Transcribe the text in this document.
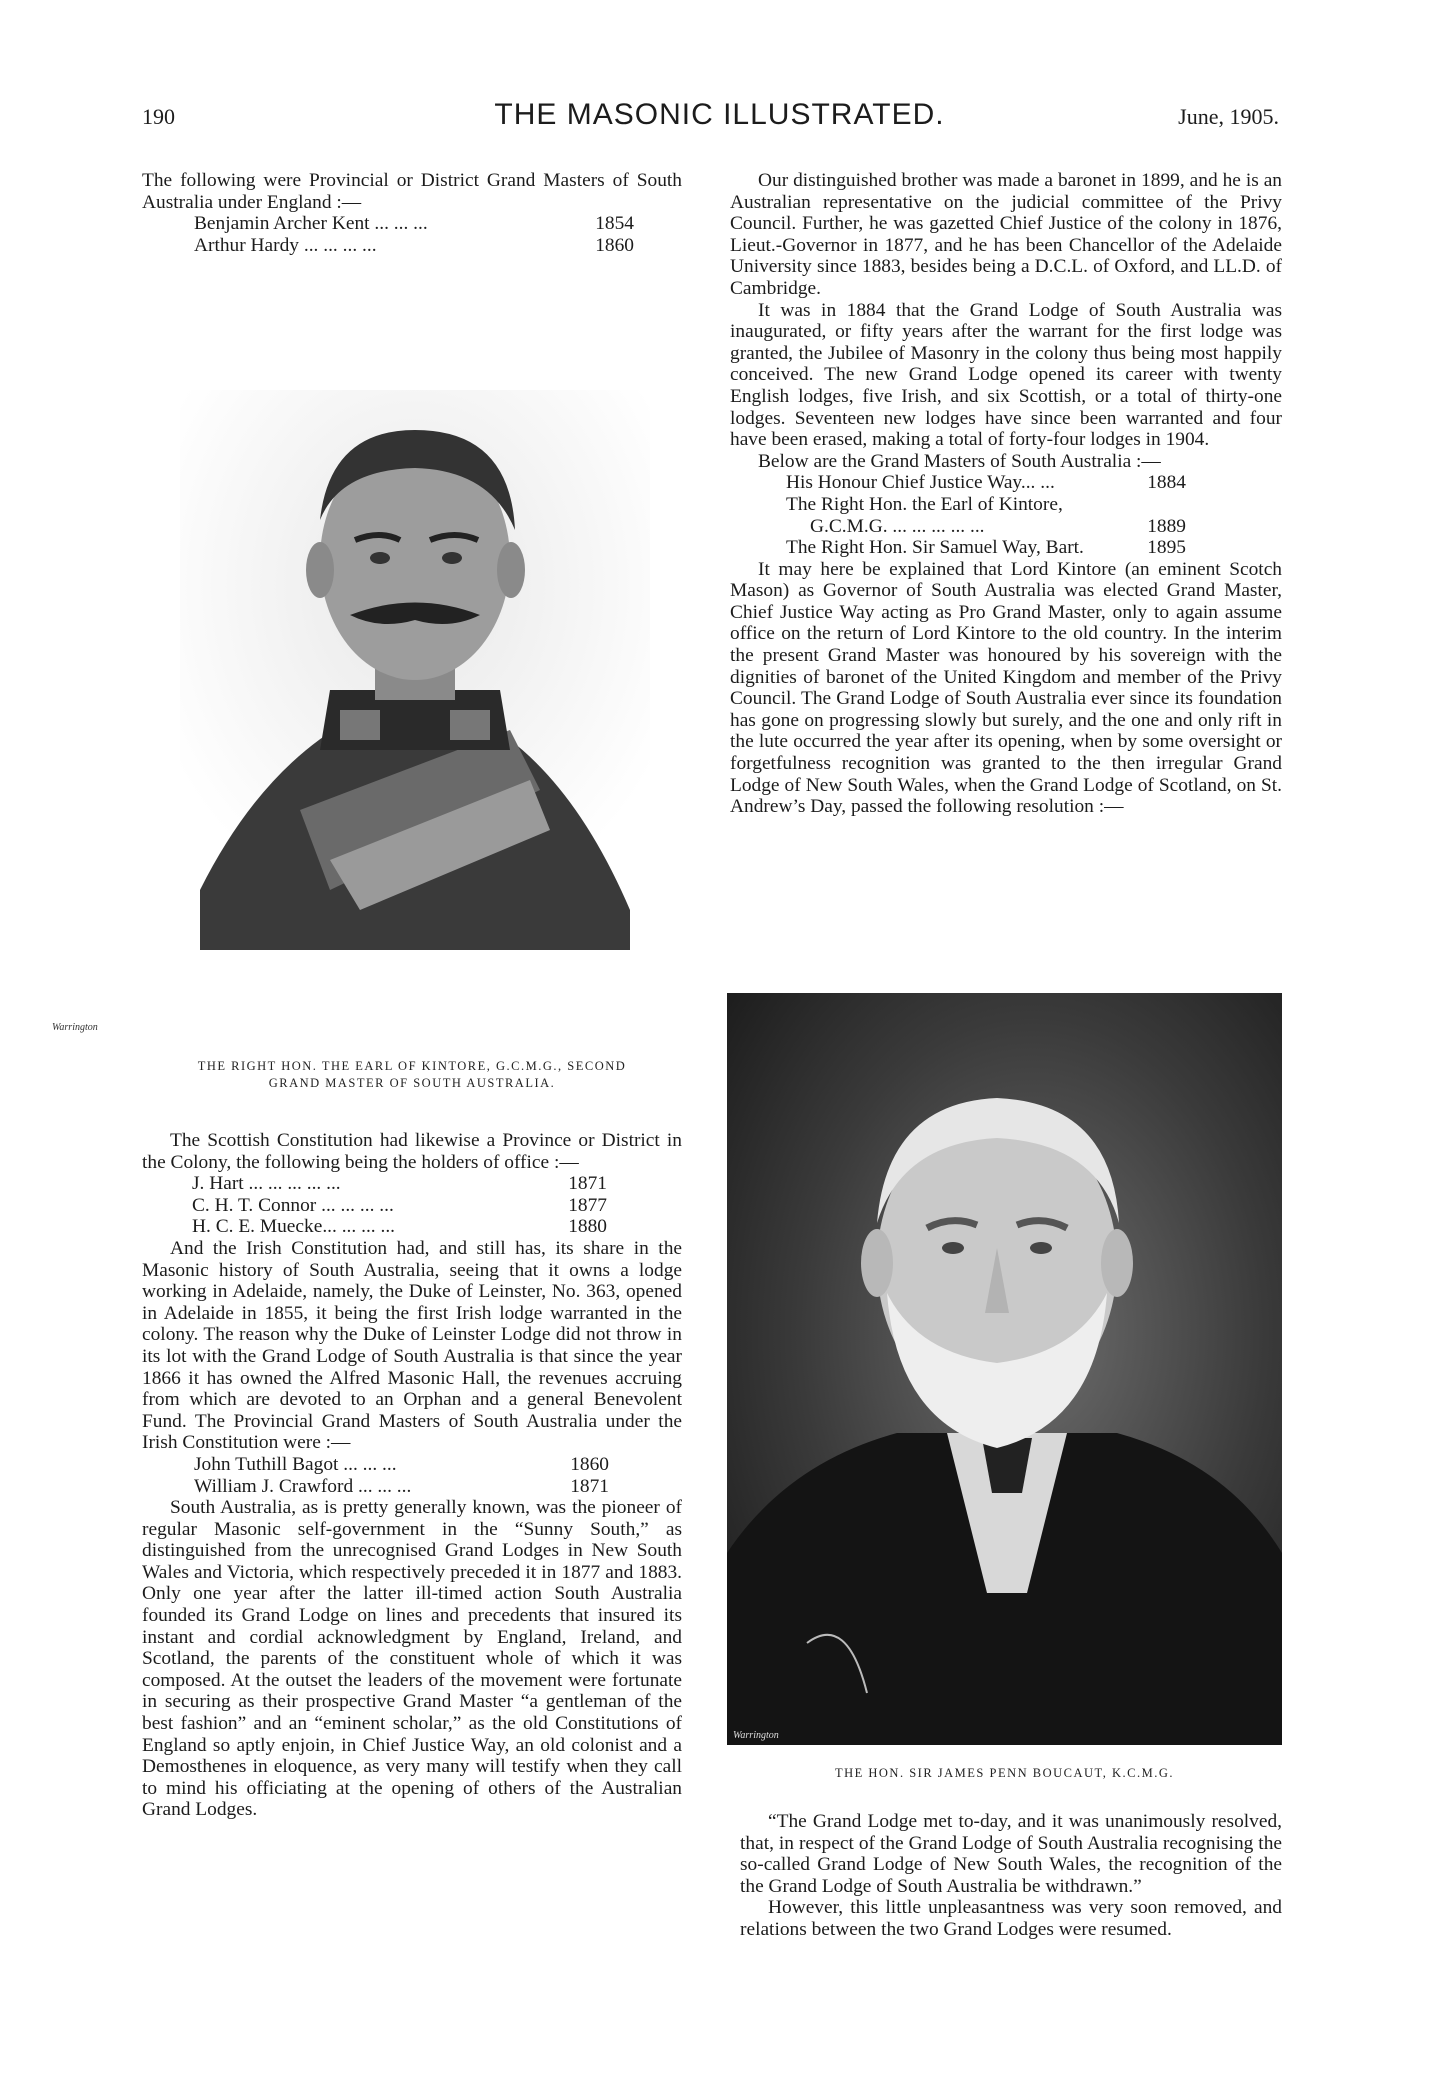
190	THE MASONIC ILLUSTRATED.	June, 1905.

The following were Provincial or District Grand Masters of South Australia under England :—

Benjamin Archer Kent ... ... ...	1854
Arthur Hardy ... ... ... ...	1860
Warrington
THE RIGHT HON. THE EARL OF KINTORE, G.C.M.G., SECOND
GRAND MASTER OF SOUTH AUSTRALIA.

The Scottish Constitution had likewise a Province or District in the Colony, the following being the holders of office :—

J. Hart ... ... ... ... ...	1871
C. H. T. Connor ... ... ... ...	1877
H. C. E. Muecke... ... ... ...	1880

And the Irish Constitution had, and still has, its share in the Masonic history of South Australia, seeing that it owns a lodge working in Adelaide, namely, the Duke of Leinster, No. 363, opened in Adelaide in 1855, it being the first Irish lodge warranted in the colony. The reason why the Duke of Leinster Lodge did not throw in its lot with the Grand Lodge of South Australia is that since the year 1866 it has owned the Alfred Masonic Hall, the revenues accruing from which are devoted to an Orphan and a general Benevolent Fund. The Provincial Grand Masters of South Australia under the Irish Constitution were :—

John Tuthill Bagot ... ... ...	1860
William J. Crawford ... ... ...	1871

South Australia, as is pretty generally known, was the pioneer of regular Masonic self-government in the “Sunny South,” as distinguished from the unrecognised Grand Lodges in New South Wales and Victoria, which respectively preceded it in 1877 and 1883. Only one year after the latter ill-timed action South Australia founded its Grand Lodge on lines and precedents that insured its instant and cordial acknowledgment by England, Ireland, and Scotland, the parents of the constituent whole of which it was composed. At the outset the leaders of the movement were fortunate in securing as their prospective Grand Master “a gentleman of the best fashion” and an “eminent scholar,” as the old Constitutions of England so aptly enjoin, in Chief Justice Way, an old colonist and a Demosthenes in eloquence, as very many will testify when they call to mind his officiating at the opening of others of the Australian Grand Lodges.

Our distinguished brother was made a baronet in 1899, and he is an Australian representative on the judicial committee of the Privy Council. Further, he was gazetted Chief Justice of the colony in 1876, Lieut.-Governor in 1877, and he has been Chancellor of the Adelaide University since 1883, besides being a D.C.L. of Oxford, and LL.D. of Cambridge.

It was in 1884 that the Grand Lodge of South Australia was inaugurated, or fifty years after the warrant for the first lodge was granted, the Jubilee of Masonry in the colony thus being most happily conceived. The new Grand Lodge opened its career with twenty English lodges, five Irish, and six Scottish, or a total of thirty-one lodges. Seventeen new lodges have since been warranted and four have been erased, making a total of forty-four lodges in 1904.

Below are the Grand Masters of South Australia :—

His Honour Chief Justice Way... ...	1884
The Right Hon. the Earl of Kintore,
G.C.M.G. ... ... ... ... ...	1889
The Right Hon. Sir Samuel Way, Bart.	1895

It may here be explained that Lord Kintore (an eminent Scotch Mason) as Governor of South Australia was elected Grand Master, Chief Justice Way acting as Pro Grand Master, only to again assume office on the return of Lord Kintore to the old country. In the interim the present Grand Master was honoured by his sovereign with the dignities of baronet of the United Kingdom and member of the Privy Council. The Grand Lodge of South Australia ever since its foundation has gone on progressing slowly but surely, and the one and only rift in the lute occurred the year after its opening, when by some oversight or forgetfulness recognition was granted to the then irregular Grand Lodge of New South Wales, when the Grand Lodge of Scotland, on St. Andrew’s Day, passed the following resolution :—

Warrington
THE HON. SIR JAMES PENN BOUCAUT, K.C.M.G.

“The Grand Lodge met to-day, and it was unanimously resolved, that, in respect of the Grand Lodge of South Australia recognising the so-called Grand Lodge of New South Wales, the recognition of the the Grand Lodge of South Australia be withdrawn.”

However, this little unpleasantness was very soon removed, and relations between the two Grand Lodges were resumed.
